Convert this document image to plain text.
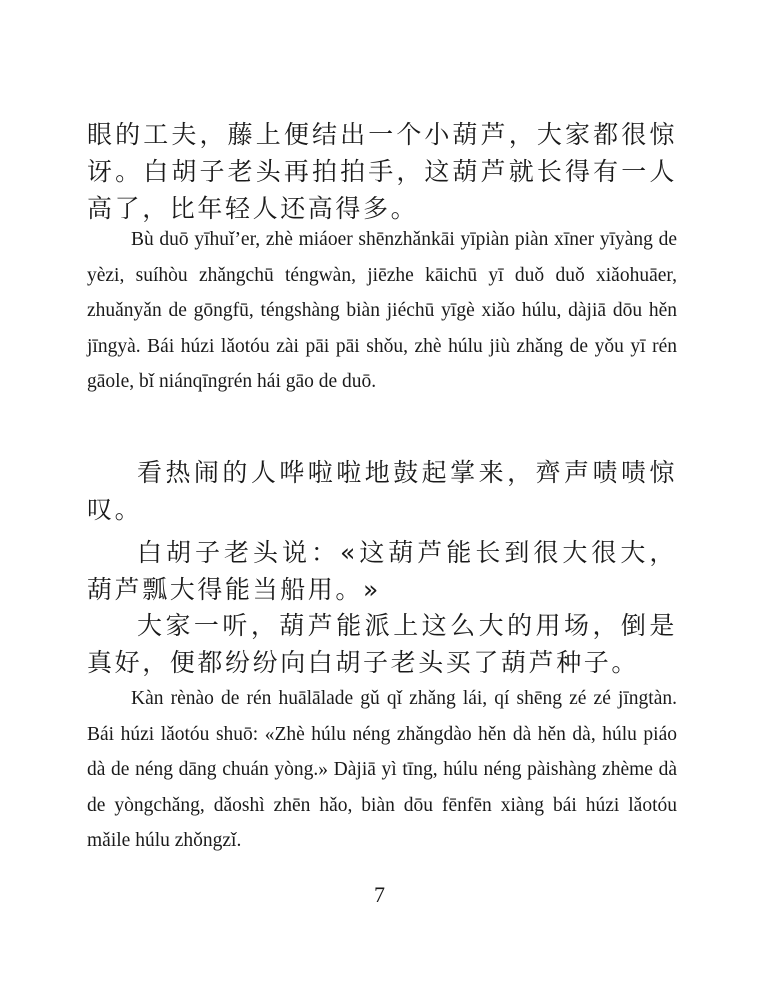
眼的工夫，藤上便结出一个小葫芦，大家都很惊讶。白胡子老头再拍拍手，这葫芦就长得有一人高了，比年轻人还高得多。

Bù duō yīhuǐ’er, zhè miáoer shēnzhǎnkāi yīpiàn piàn xīner yīyàng de yèzi, suíhòu zhǎngchū téngwàn, jiēzhe kāichū yī duǒ duǒ xiǎohuāer, zhuǎnyǎn de gōngfū, téngshàng biàn jiéchū yīgè xiǎo húlu, dàjiā dōu hěn jīngyà. Bái húzi lǎotóu zài pāi pāi shǒu, zhè húlu jiù zhǎng de yǒu yī rén gāole, bǐ niánqīngrén hái gāo de duō.

看热闹的人哗啦啦地鼓起掌来，齊声啧啧惊叹。

白胡子老头说：«这葫芦能长到很大很大，葫芦瓢大得能当船用。»

大家一听，葫芦能派上这么大的用场，倒是真好，便都纷纷向白胡子老头买了葫芦种子。

Kàn rènào de rén huālālade gǔ qǐ zhǎng lái, qí shēng zé zé jīngtàn. Bái húzi lǎotóu shuō: «Zhè húlu néng zhǎngdào hěn dà hěn dà, húlu piáo dà de néng dāng chuán yòng.» Dàjiā yì tīng, húlu néng pàishàng zhème dà de yòngchǎng, dǎoshì zhēn hǎo, biàn dōu fēnfēn xiàng bái húzi lǎotóu mǎile húlu zhǒngzǐ.

7
